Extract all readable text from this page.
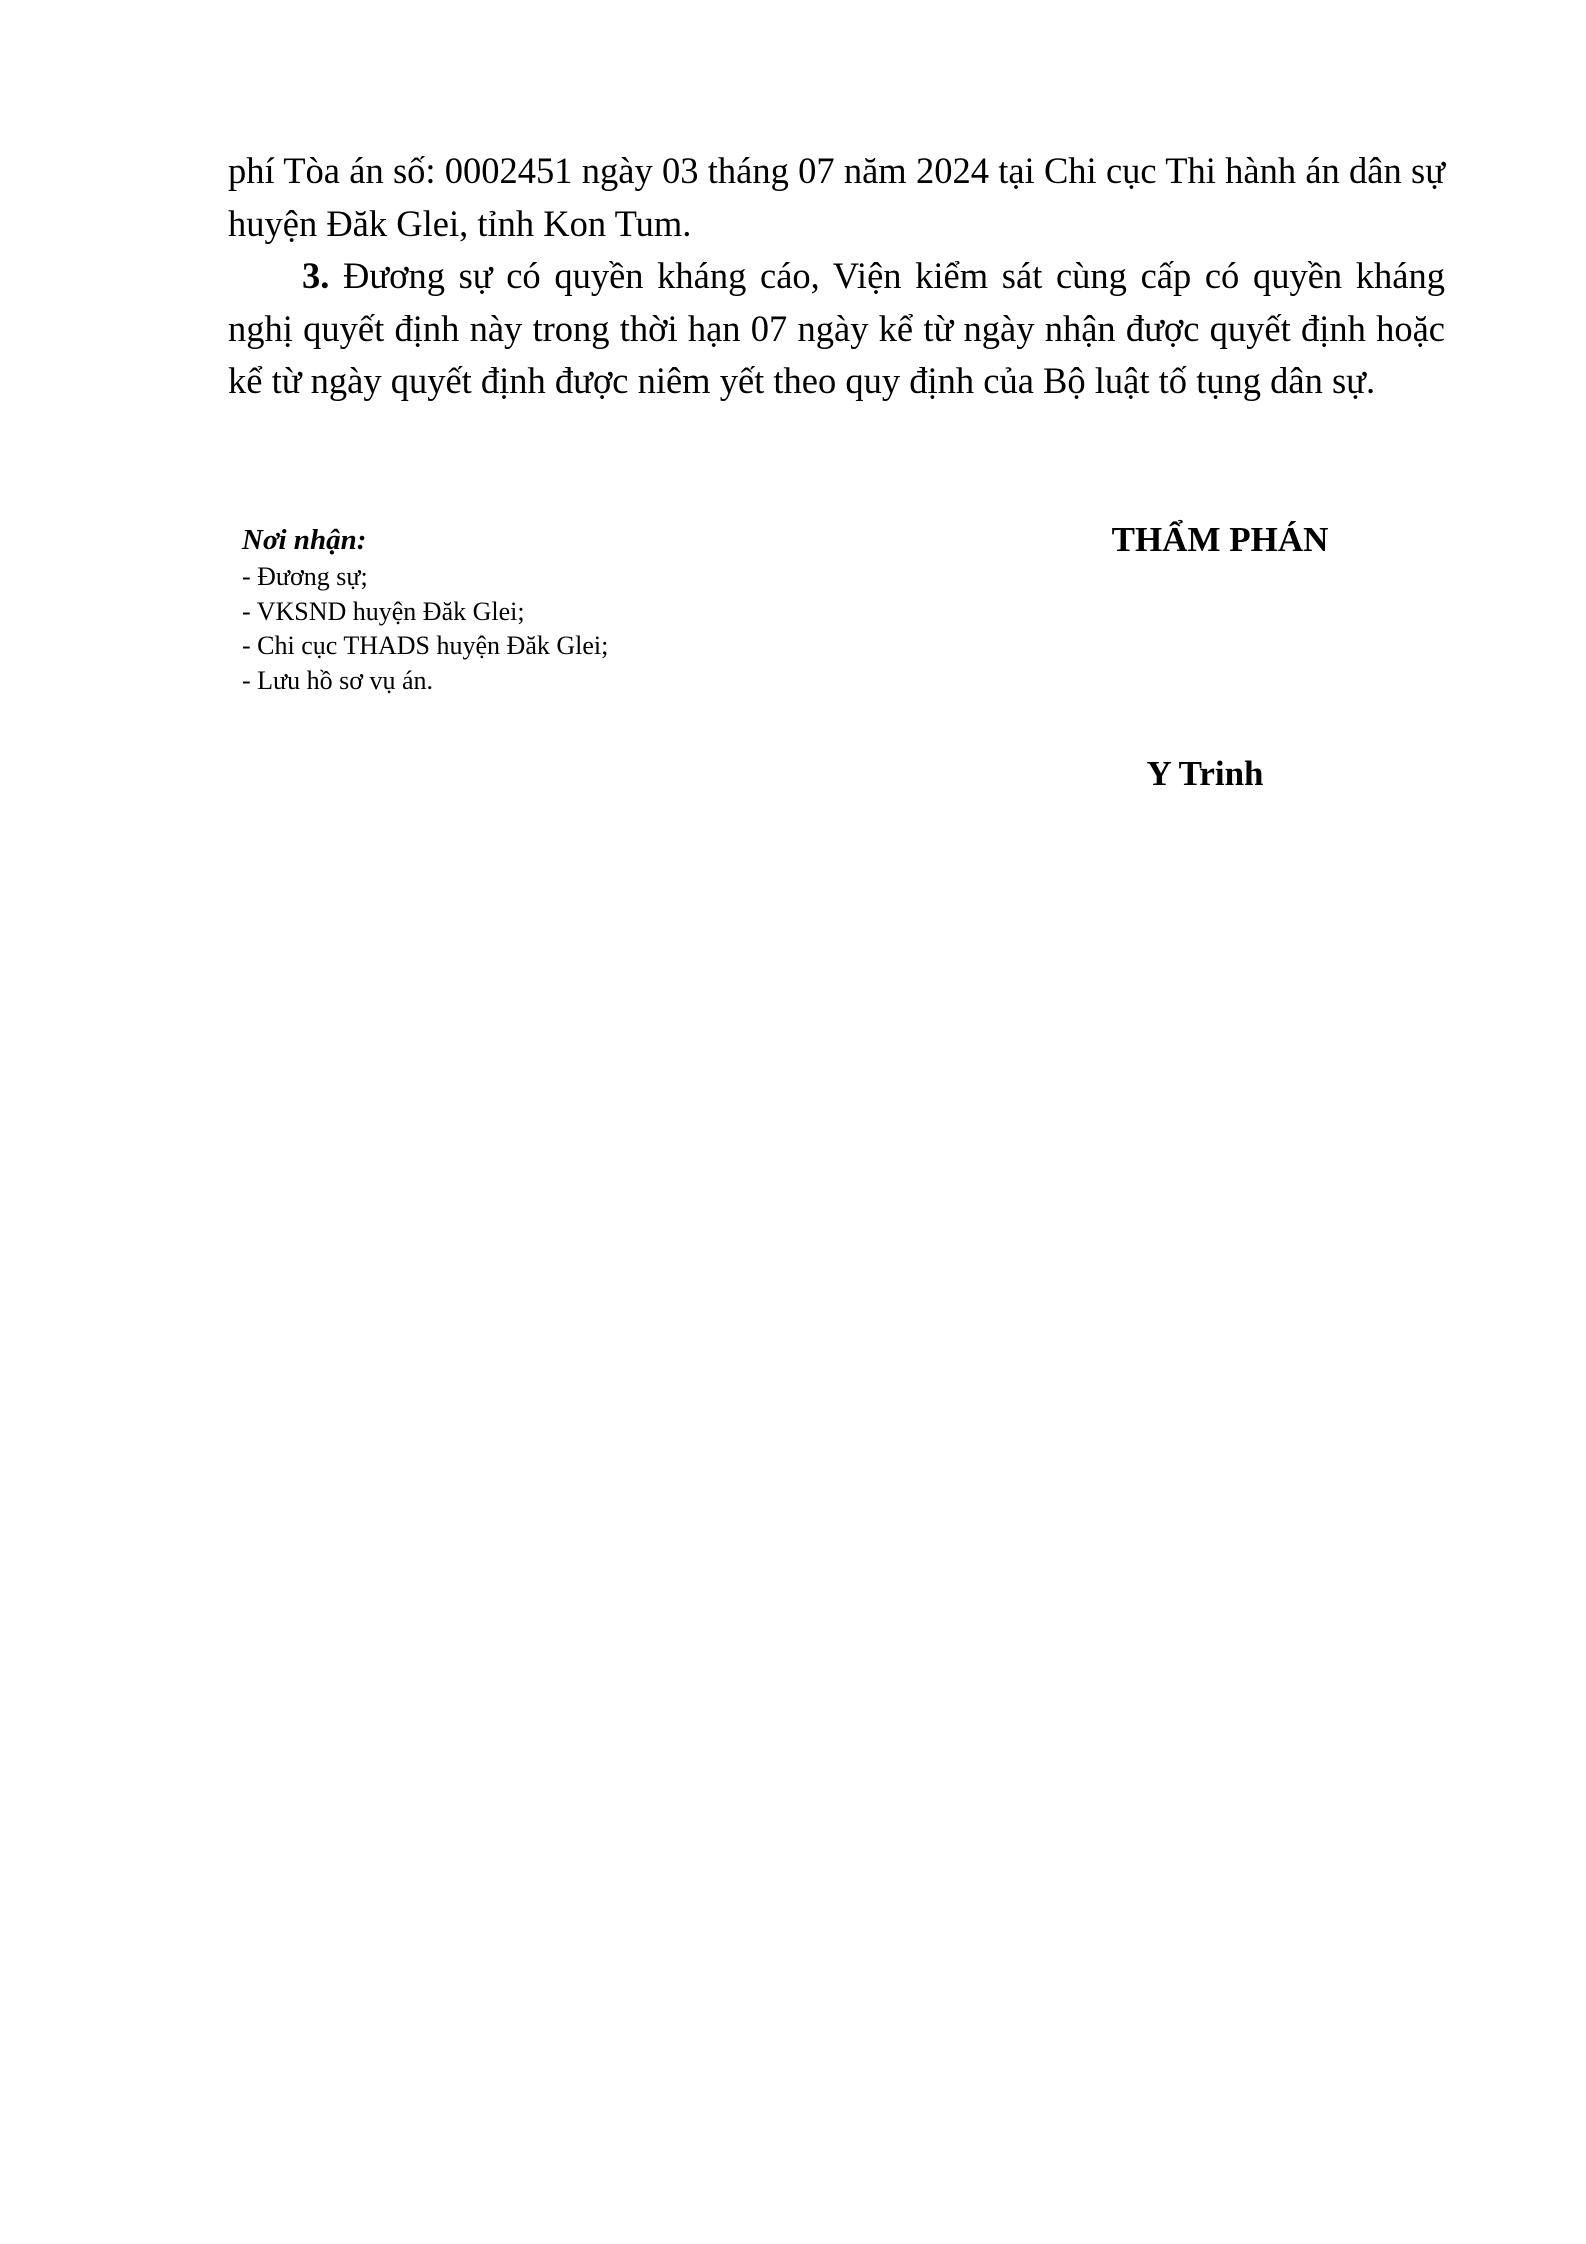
phí Tòa án số: 0002451 ngày 03 tháng 07 năm 2024 tại Chi cục Thi hành án dân sự huyện Đăk Glei, tỉnh Kon Tum.

3. Đương sự có quyền kháng cáo, Viện kiểm sát cùng cấp có quyền kháng nghị quyết định này trong thời hạn 07 ngày kể từ ngày nhận được quyết định hoặc kể từ ngày quyết định được niêm yết theo quy định của Bộ luật tố tụng dân sự.

Nơi nhận:

- Đương sự;
- VKSND huyện Đăk Glei;
- Chi cục THADS huyện Đăk Glei;
- Lưu hồ sơ vụ án.

THẨM PHÁN

Y Trinh
